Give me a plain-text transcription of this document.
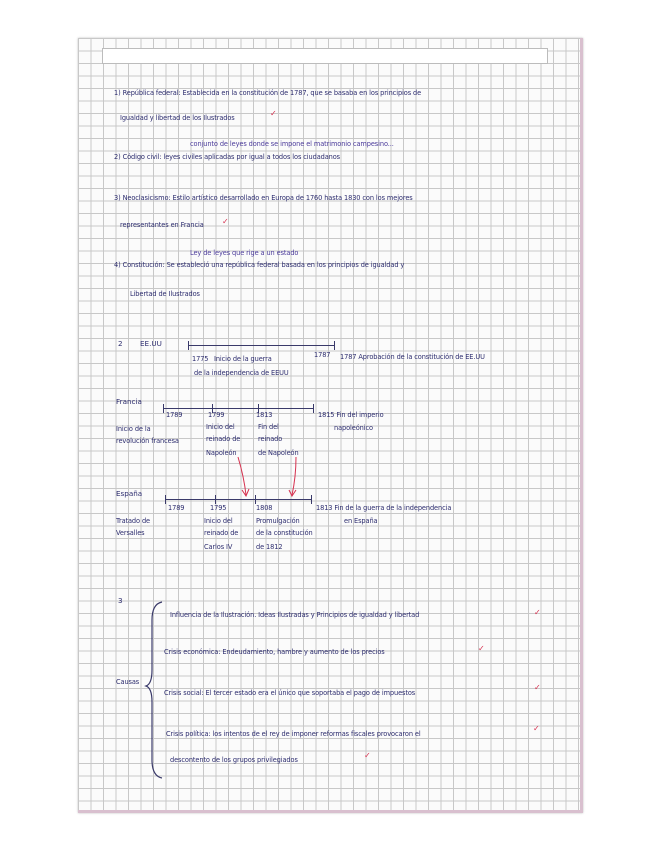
1) República federal: Establecida en la constitución de 1787, que se basaba en los principios de
Igualdad y libertad de los Ilustrados	✓
conjunto de leyes donde se impone el matrimonio campesino...
2) Código civil: leyes civiles aplicadas por igual a todos los ciudadanos
3) Neoclasicismo: Estilo artístico desarrollado en Europa de 1760 hasta 1830 con los mejores
representantes en Francia ✓
Ley de leyes que rige a un estado
4) Constitución: Se estableció una república federal basada en los principios de igualdad y
Libertad de Ilustrados
2 EE.UU
1775 Inicio de la guerra
de la independencia de EEUU
1787 1787 Aprobación de la constitución de EE.UU
Francia
1789
Inicio de la
revolución francesa
1799
Inicio del
reinado de
Napoleón
1813
Fin del
reinado
de Napoleón
1815 Fin del imperio
napoleónico
España
1789
Tratado de
Versalles
1795
Inicio del
reinado de
Carlos IV
1808
Promulgación
de la constitución
de 1812
1813 Fin de la guerra de la independencia
en España
3
Causas
Influencia de la Ilustración. Ideas Ilustradas y Principios de igualdad y libertad	✓
Crisis económica: Endeudamiento, hambre y aumento de los precios	✓
Crisis social: El tercer estado era el único que soportaba el pago de impuestos
✓
Crisis política: los intentos de el rey de imponer reformas fiscales provocaron el
✓
descontento de los grupos privilegiados	✓
